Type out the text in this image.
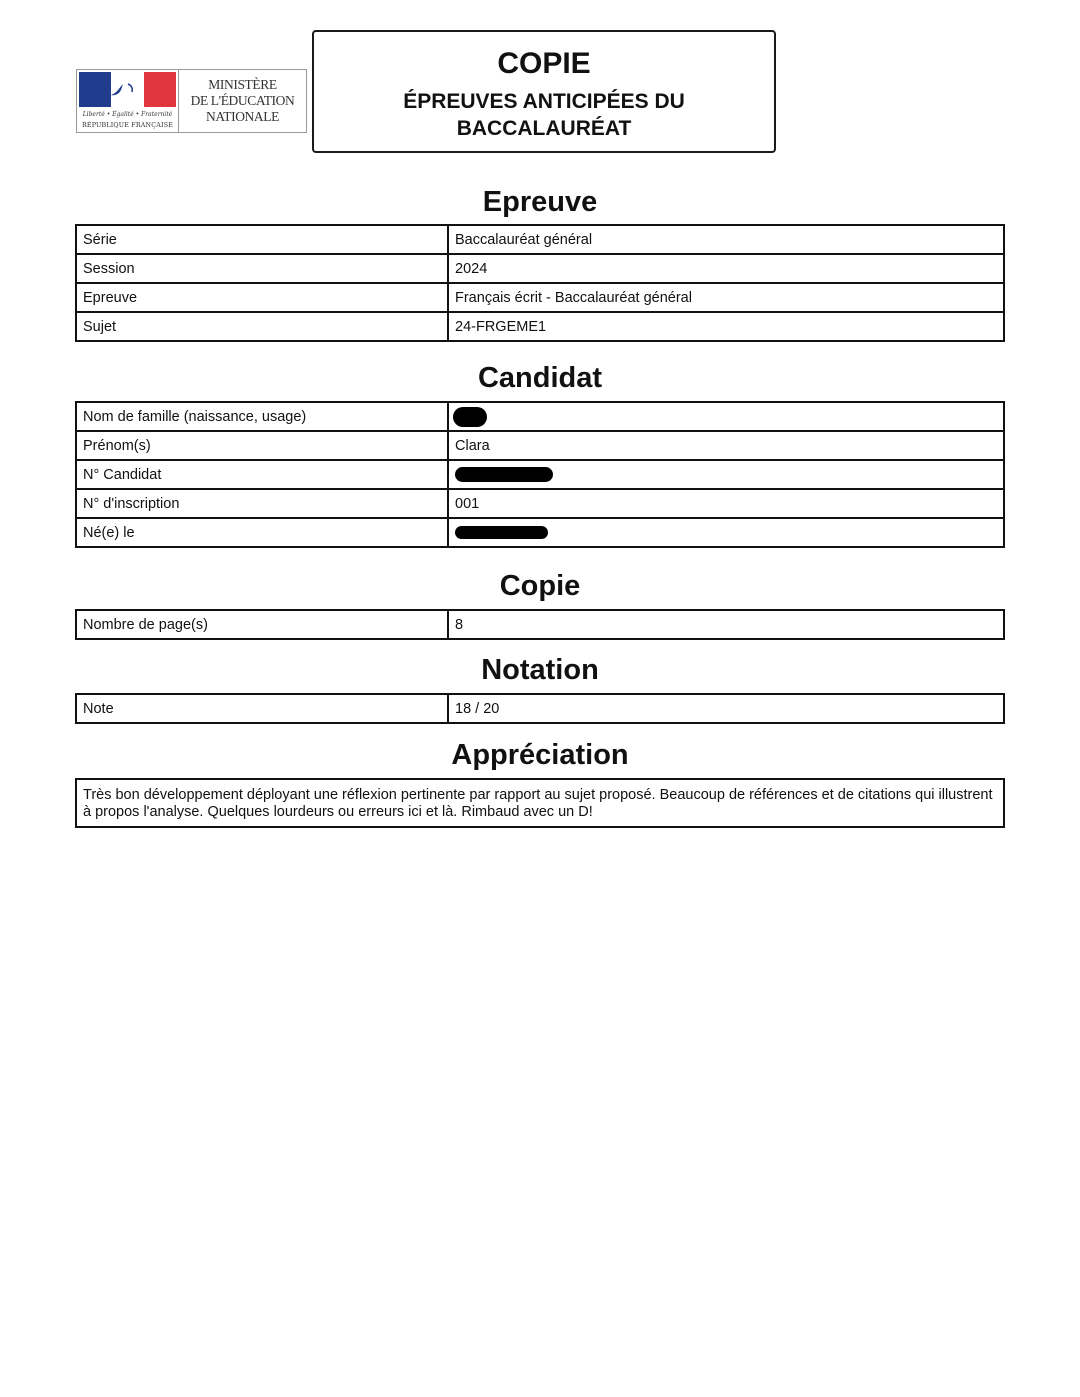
Liberté • Égalité • Fraternité
RÉPUBLIQUE FRANÇAISE
MINISTÈRE
DE L'ÉDUCATION
NATIONALE
COPIE
ÉPREUVES ANTICIPÉES DU
BACCALAURÉAT
Epreuve
Série	Baccalauréat général
Session	2024
Epreuve	Français écrit - Baccalauréat général
Sujet	24-FRGEME1
Candidat
Nom de famille (naissance, usage)	
Prénom(s)	Clara
N° Candidat	
N° d'inscription	001
Né(e) le	
Copie
Nombre de page(s)	8
Notation
Note	18 / 20
Appréciation
Très bon développement déployant une réflexion pertinente par rapport au sujet proposé. Beaucoup de références et de citations qui illustrent à propos l'analyse. Quelques lourdeurs ou erreurs ici et là. Rimbaud avec un D!
